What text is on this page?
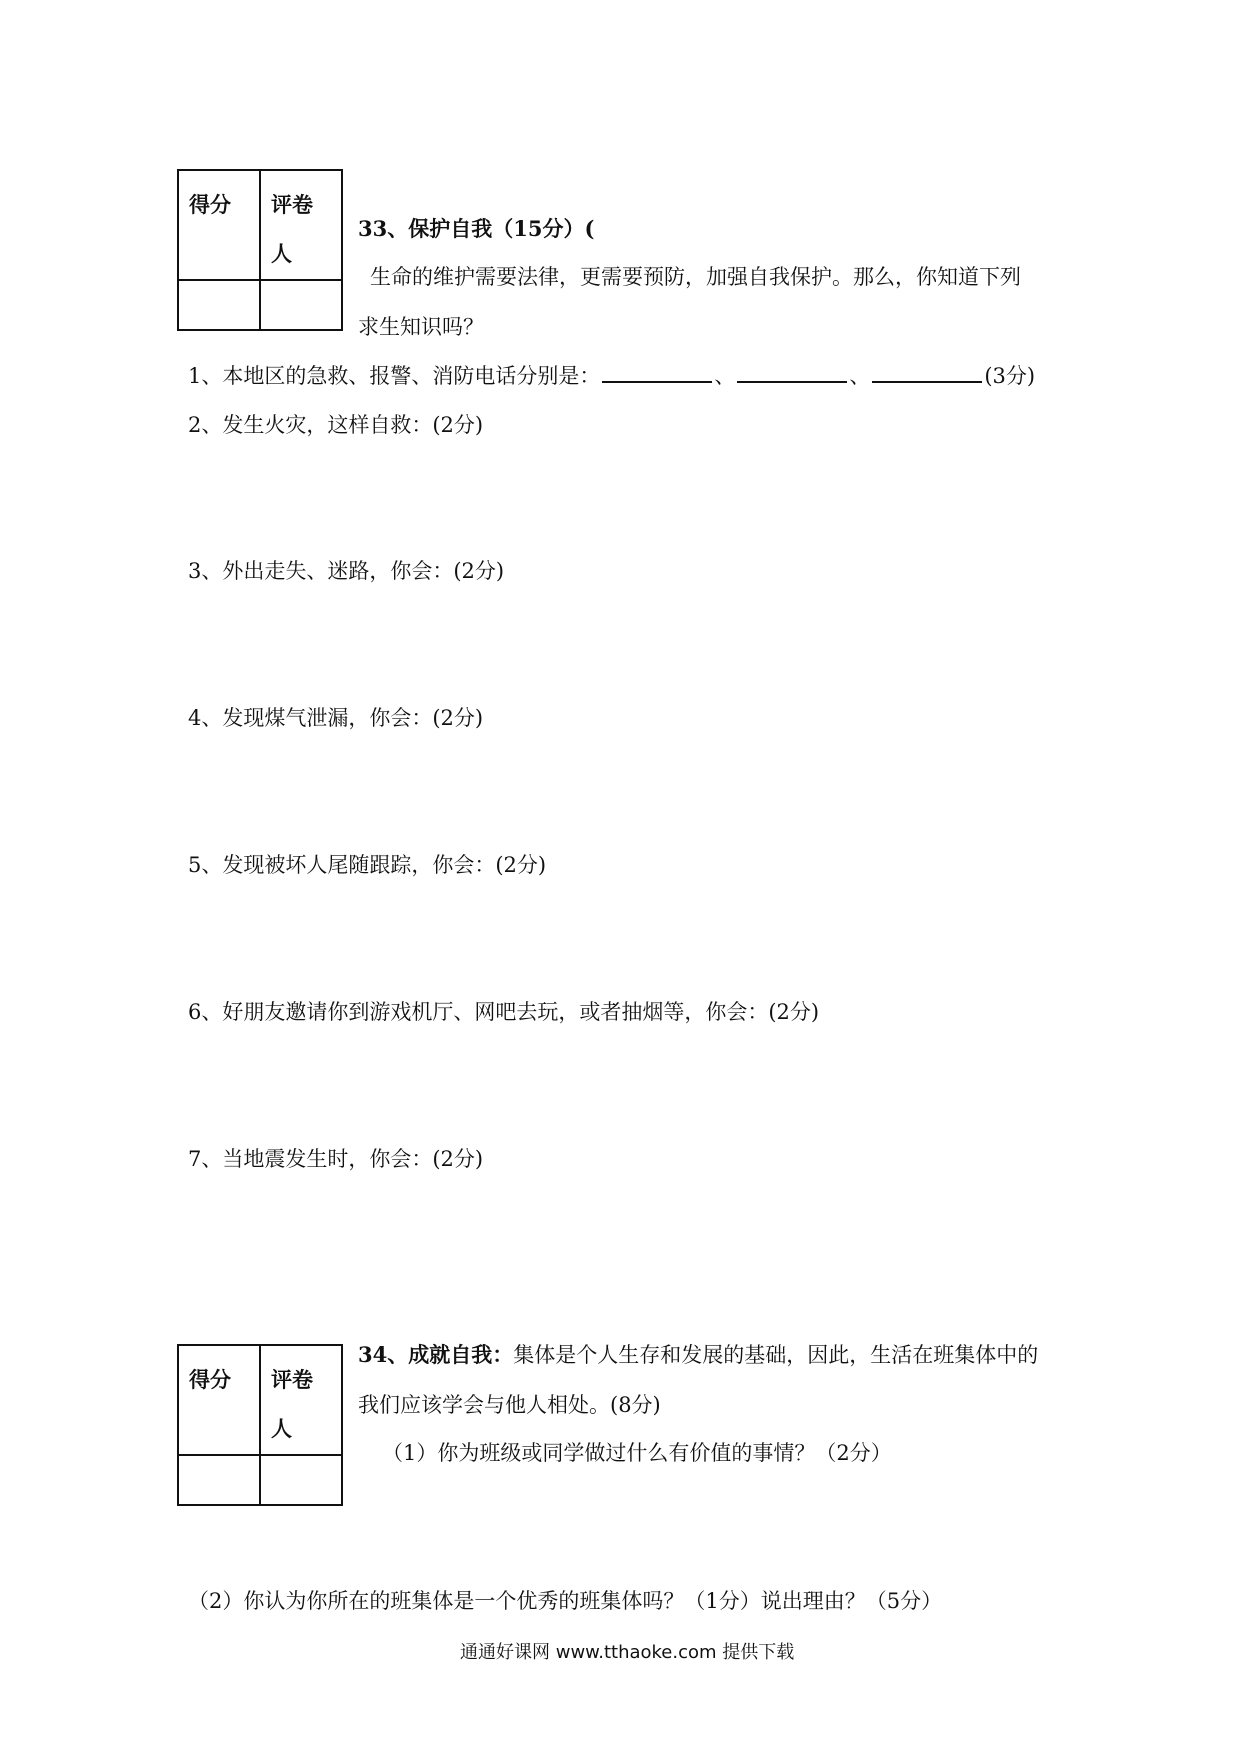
得分	评卷
人

33、保护自我（15分）(
生命的维护需要法律，更需要预防，加强自我保护。那么，你知道下列
求生知识吗？
1、本地区的急救、报警、消防电话分别是：	、	、	(3分)
2、发生火灾，这样自救：(2分)
3、外出走失、迷路，你会：(2分)
4、发现煤气泄漏，你会：(2分)
5、发现被坏人尾随跟踪，你会：(2分)
6、好朋友邀请你到游戏机厅、网吧去玩，或者抽烟等，你会：(2分)
7、当地震发生时，你会：(2分)
得分	评卷
人

34、成就自我：集体是个人生存和发展的基础，因此，生活在班集体中的
我们应该学会与他人相处。(8分)
（1）你为班级或同学做过什么有价值的事情？（2分）
（2）你认为你所在的班集体是一个优秀的班集体吗？（1分）说出理由？（5分）
通通好课网 www.tthaoke.com 提供下载
